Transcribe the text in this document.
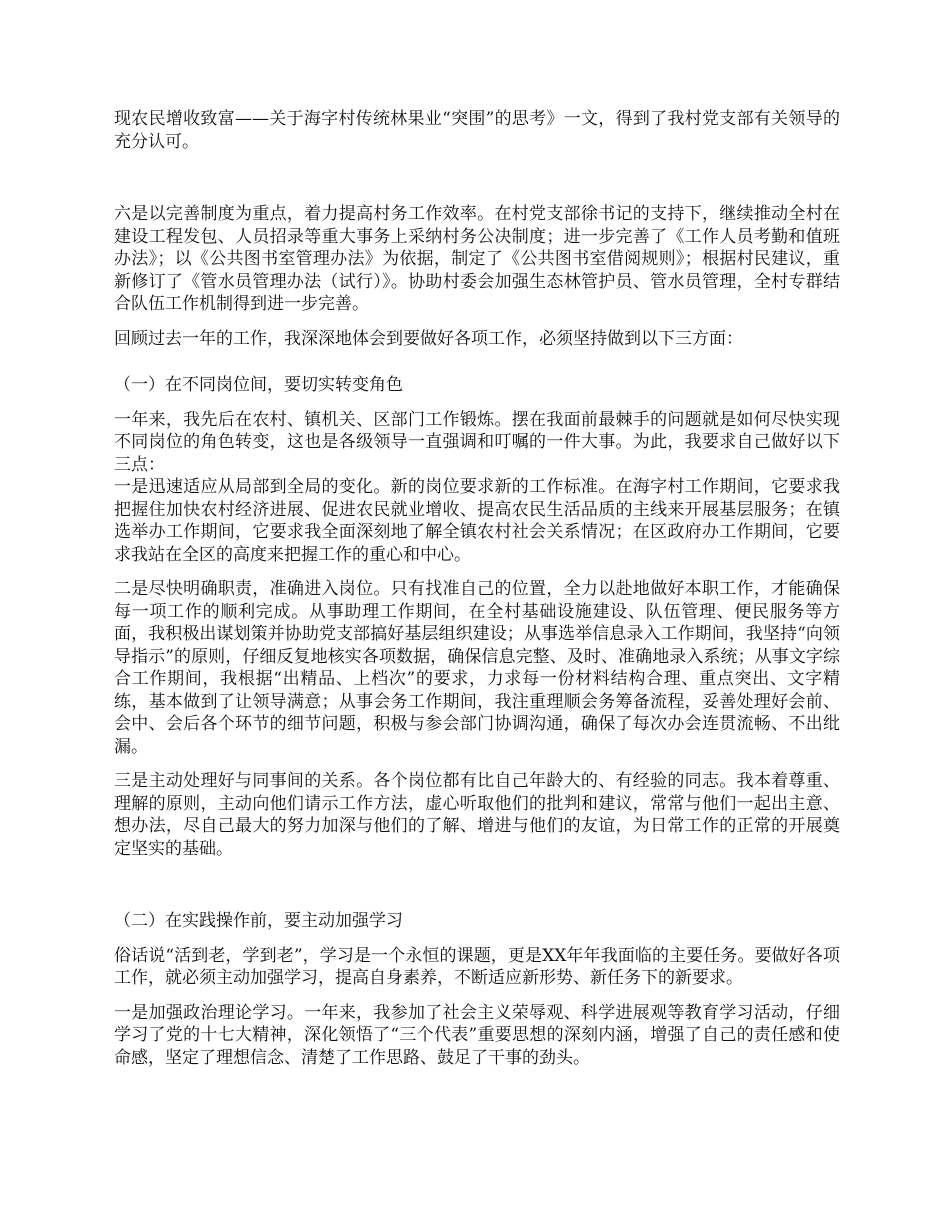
现农民增收致富——关于海字村传统林果业“突围”的思考》一文，得到了我村党支部有关领导的充分认可。

六是以完善制度为重点，着力提高村务工作效率。在村党支部徐书记的支持下，继续推动全村在建设工程发包、人员招录等重大事务上采纳村务公决制度；进一步完善了《工作人员考勤和值班办法》；以《公共图书室管理办法》为依据，制定了《公共图书室借阅规则》；根据村民建议，重新修订了《管水员管理办法（试行）》。协助村委会加强生态林管护员、管水员管理，全村专群结合队伍工作机制得到进一步完善。

回顾过去一年的工作，我深深地体会到要做好各项工作，必须坚持做到以下三方面：

（一）在不同岗位间，要切实转变角色

一年来，我先后在农村、镇机关、区部门工作锻炼。摆在我面前最棘手的问题就是如何尽快实现不同岗位的角色转变，这也是各级领导一直强调和叮嘱的一件大事。为此，我要求自己做好以下三点：

一是迅速适应从局部到全局的变化。新的岗位要求新的工作标准。在海字村工作期间，它要求我把握住加快农村经济进展、促进农民就业增收、提高农民生活品质的主线来开展基层服务；在镇选举办工作期间，它要求我全面深刻地了解全镇农村社会关系情况；在区政府办工作期间，它要求我站在全区的高度来把握工作的重心和中心。

二是尽快明确职责，准确进入岗位。只有找准自己的位置，全力以赴地做好本职工作，才能确保每一项工作的顺利完成。从事助理工作期间，在全村基础设施建设、队伍管理、便民服务等方面，我积极出谋划策并协助党支部搞好基层组织建设；从事选举信息录入工作期间，我坚持“向领导指示”的原则，仔细反复地核实各项数据，确保信息完整、及时、准确地录入系统；从事文字综合工作期间，我根据“出精品、上档次”的要求，力求每一份材料结构合理、重点突出、文字精练，基本做到了让领导满意；从事会务工作期间，我注重理顺会务筹备流程，妥善处理好会前、会中、会后各个环节的细节问题，积极与参会部门协调沟通，确保了每次办会连贯流畅、不出纰漏。

三是主动处理好与同事间的关系。各个岗位都有比自己年龄大的、有经验的同志。我本着尊重、理解的原则，主动向他们请示工作方法，虚心听取他们的批判和建议，常常与他们一起出主意、想办法，尽自己最大的努力加深与他们的了解、增进与他们的友谊，为日常工作的正常的开展奠定坚实的基础。

（二）在实践操作前，要主动加强学习

俗话说“活到老，学到老”，学习是一个永恒的课题，更是XX年年我面临的主要任务。要做好各项工作，就必须主动加强学习，提高自身素养，不断适应新形势、新任务下的新要求。

一是加强政治理论学习。一年来，我参加了社会主义荣辱观、科学进展观等教育学习活动，仔细学习了党的十七大精神，深化领悟了“三个代表”重要思想的深刻内涵，增强了自己的责任感和使命感，坚定了理想信念、清楚了工作思路、鼓足了干事的劲头。
